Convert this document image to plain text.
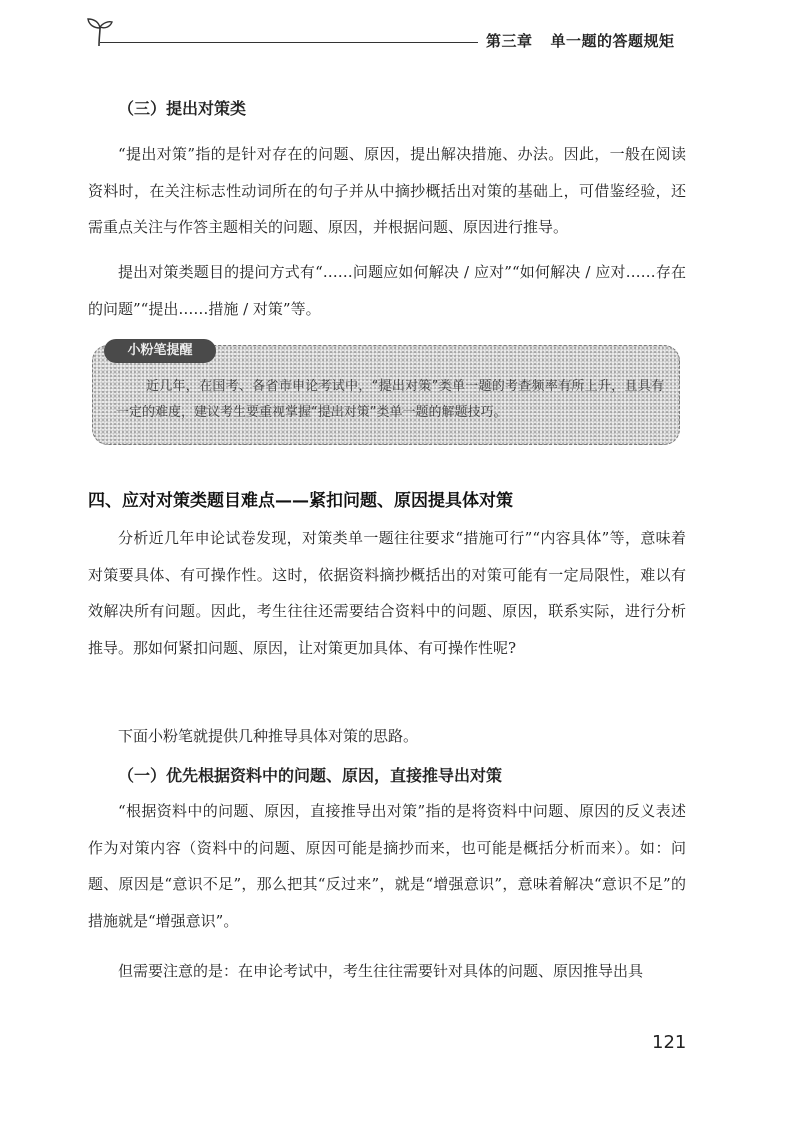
第三章 单一题的答题规矩
（三）提出对策类
“提出对策”指的是针对存在的问题、原因，提出解决措施、办法。因此，一般在阅读资料时，在关注标志性动词所在的句子并从中摘抄概括出对策的基础上，可借鉴经验，还需重点关注与作答主题相关的问题、原因，并根据问题、原因进行推导。
提出对策类题目的提问方式有“……问题应如何解决 / 应对”“如何解决 / 应对……存在的问题”“提出……措施 / 对策”等。
小粉笔提醒
近几年，在国考、各省市申论考试中，“提出对策”类单一题的考查频率有所上升，且具有一定的难度，建议考生要重视掌握“提出对策”类单一题的解题技巧。
四、应对对策类题目难点——紧扣问题、原因提具体对策
分析近几年申论试卷发现，对策类单一题往往要求“措施可行”“内容具体”等，意味着对策要具体、有可操作性。这时，依据资料摘抄概括出的对策可能有一定局限性，难以有效解决所有问题。因此，考生往往还需要结合资料中的问题、原因，联系实际，进行分析推导。那如何紧扣问题、原因，让对策更加具体、有可操作性呢?
下面小粉笔就提供几种推导具体对策的思路。
（一）优先根据资料中的问题、原因，直接推导出对策
“根据资料中的问题、原因，直接推导出对策”指的是将资料中问题、原因的反义表述作为对策内容（资料中的问题、原因可能是摘抄而来，也可能是概括分析而来）。如：问题、原因是“意识不足”，那么把其“反过来”，就是“增强意识”，意味着解决“意识不足”的措施就是“增强意识”。
但需要注意的是：在申论考试中，考生往往需要针对具体的问题、原因推导出具
121
